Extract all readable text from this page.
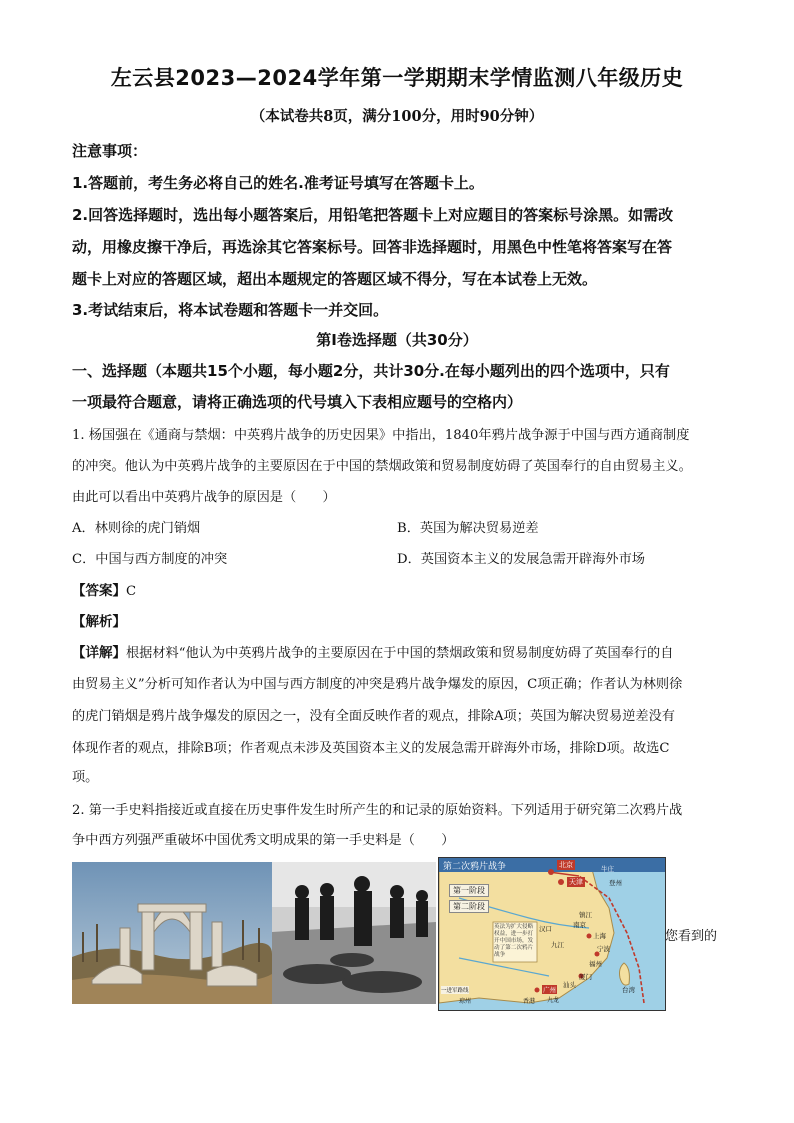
左云县2023—2024学年第一学期期末学情监测八年级历史
（本试卷共8页，满分100分，用时90分钟）
注意事项：
1.答题前，考生务必将自己的姓名.准考证号填写在答题卡上。
2.回答选择题时，选出每小题答案后，用铅笔把答题卡上对应题目的答案标号涂黑。如需改
动，用橡皮擦干净后，再选涂其它答案标号。回答非选择题时，用黑色中性笔将答案写在答
题卡上对应的答题区域，超出本题规定的答题区域不得分，写在本试卷上无效。
3.考试结束后，将本试卷题和答题卡一并交回。
第Ⅰ卷选择题（共30分）
一、选择题（本题共15个小题，每小题2分，共计30分.在每小题列出的四个选项中，只有
一项最符合题意，请将正确选项的代号填入下表相应题号的空格内）
1. 杨国强在《通商与禁烟：中英鸦片战争的历史因果》中指出，1840年鸦片战争源于中国与西方通商制度
的冲突。他认为中英鸦片战争的主要原因在于中国的禁烟政策和贸易制度妨碍了英国奉行的自由贸易主义。
由此可以看出中英鸦片战争的原因是（　　）
A．林则徐的虎门销烟	B．英国为解决贸易逆差
C．中国与西方制度的冲突	D．英国资本主义的发展急需开辟海外市场
【答案】C
【解析】
【详解】根据材料“他认为中英鸦片战争的主要原因在于中国的禁烟政策和贸易制度妨碍了英国奉行的自
由贸易主义”分析可知作者认为中国与西方制度的冲突是鸦片战争爆发的原因，C项正确；作者认为林则徐
的虎门销烟是鸦片战争爆发的原因之一，没有全面反映作者的观点，排除A项；英国为解决贸易逆差没有
体现作者的观点，排除B项；作者观点未涉及英国资本主义的发展急需开辟海外市场，排除D项。故选C
项。
2. 第一手史料指接近或直接在历史事件发生时所产生的和记录的原始资料。下列适用于研究第二次鸦片战
争中西方列强严重破坏中国优秀文明成果的第一手史料是（　　）
第二次鸦片战争
第一阶段
第二阶段
英法为扩大侵略权益，进一步打开中国市场，发动了第二次鸦片战争
北京
天津
上海
宁波
福州
厦门
汕头
广州	台湾
九龙
香港
琼州
登州
牛庄
南京
镇江
汉口
九江
一进军路线
您看到的
